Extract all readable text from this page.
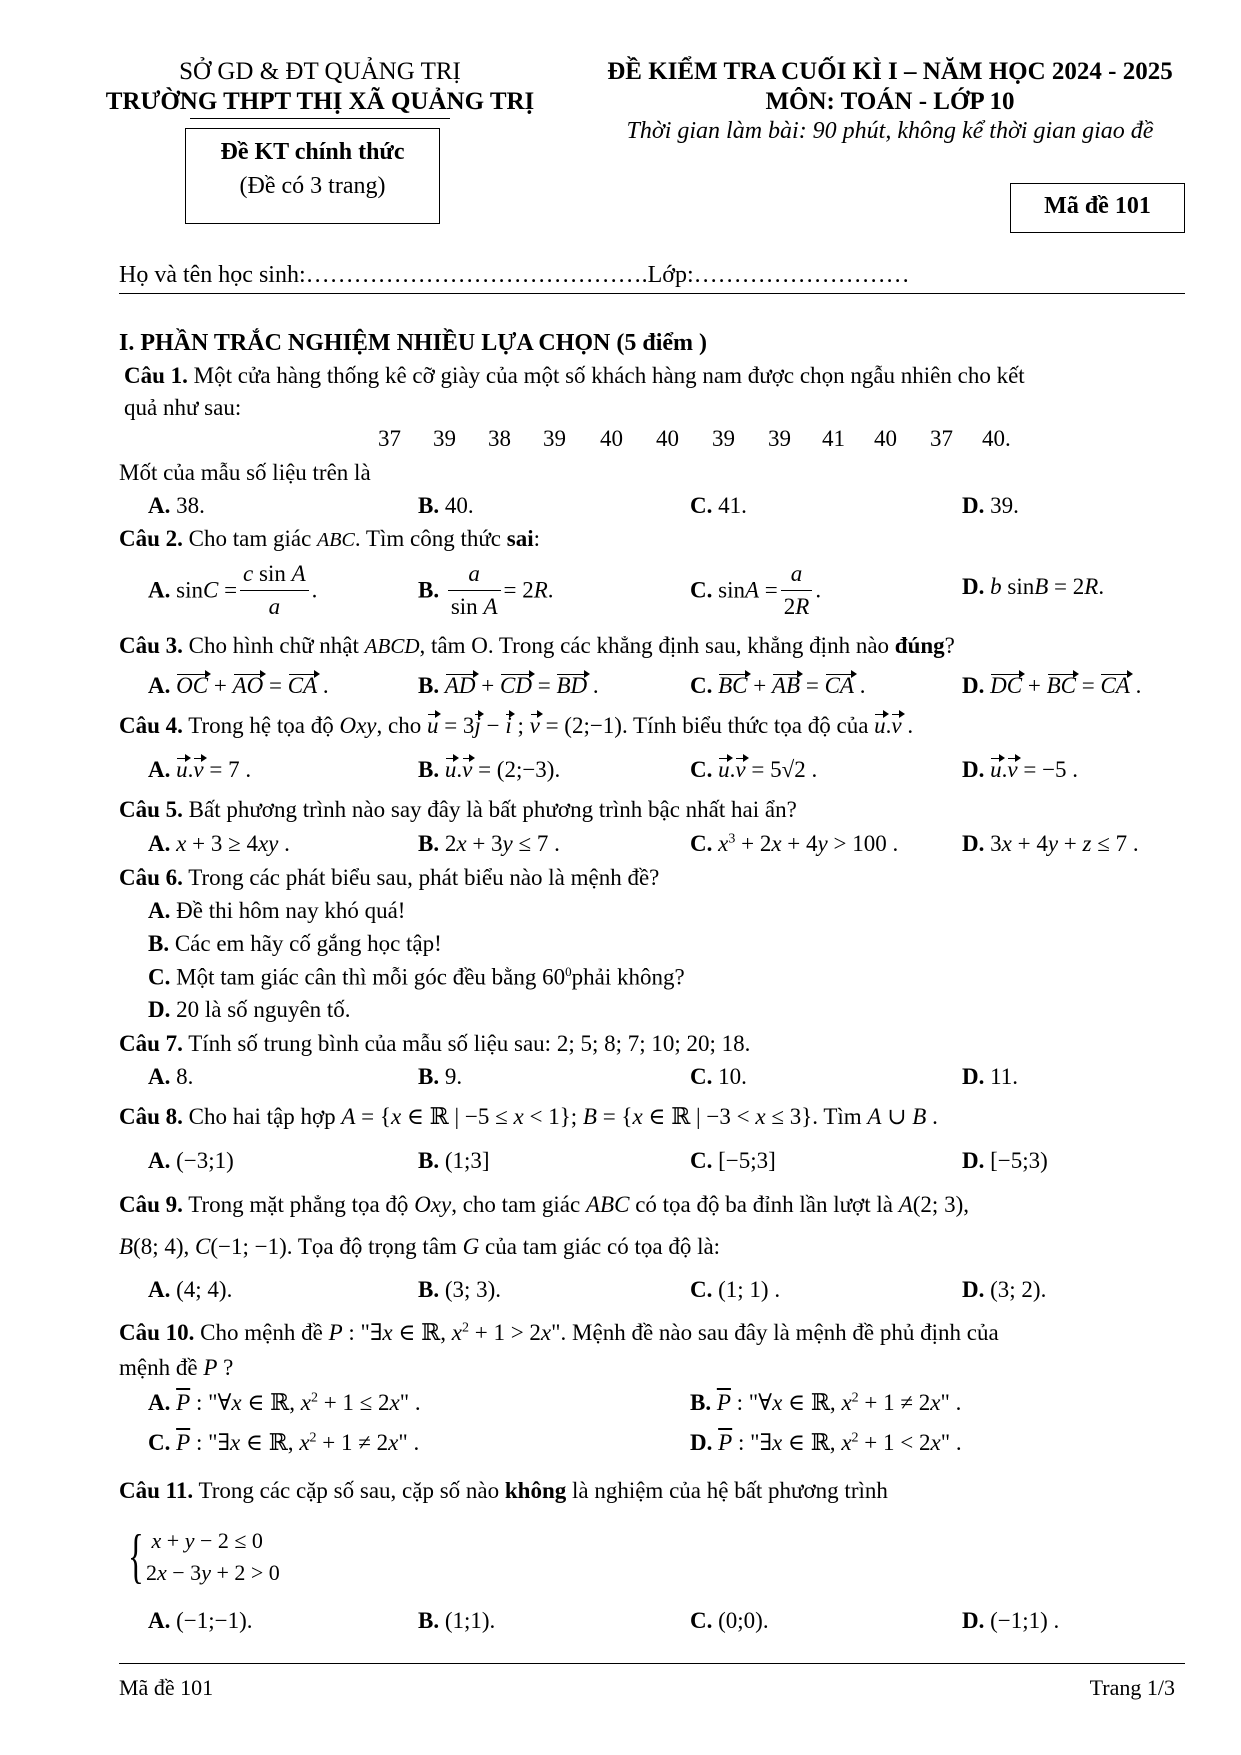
SỞ GD & ĐT QUẢNG TRỊ
TRƯỜNG THPT THỊ XÃ QUẢNG TRỊ
Đề KT chính thức
(Đề có 3 trang)
ĐỀ KIỂM TRA CUỐI KÌ I – NĂM HỌC 2024 - 2025
MÔN: TOÁN - LỚP 10
Thời gian làm bài: 90 phút, không kể thời gian giao đề
Mã đề 101
Họ và tên học sinh:…………………………………….Lớp:………………………
I. PHẦN TRẮC NGHIỆM NHIỀU LỰA CHỌN (5 điểm )
Câu 1. Một cửa hàng thống kê cỡ giày của một số khách hàng nam được chọn ngẫu nhiên cho kết
quả như sau:
37 39 38 39 40 40 39 39 41 40 37 40.
Mốt của mẫu số liệu trên là
A. 38.	B. 40.	C. 41.	D. 39.
Câu 2. Cho tam giác ABC. Tìm công thức sai:
A. $\sin C = \frac{\text{c sin A}}{a}$ .	B. $\frac{a}{\text{sin A}} = 2R$.	C. $\sin A = \frac{a}{2R}$ .	D. b sinB = 2R.
Câu 3. Cho hình chữ nhật ABCD, tâm O. Trong các khẳng định sau, khẳng định nào đúng?
A. OC + AO = CA .	B. AD + CD = BD .	C. BC + AB = CA .	D. DC + BC = CA .
Câu 4. Trong hệ tọa độ Oxy, cho u = 3j − i ; v = (2;−1). Tính biểu thức tọa độ của u.v .
A. u.v = 7 .	B. u.v = (2;−3).	C. u.v = 5√2 .	D. u.v = −5 .
Câu 5. Bất phương trình nào say đây là bất phương trình bậc nhất hai ẩn?
A. x + 3 ≥ 4xy .	B. 2x + 3y ≤ 7 .	C. $x^3 + 2x + 4y > 100$ .	D. 3x + 4y + z ≤ 7 .
Câu 6. Trong các phát biểu sau, phát biểu nào là mệnh đề?
A. Đề thi hôm nay khó quá!
B. Các em hãy cố gắng học tập!
C. Một tam giác cân thì mỗi góc đều bằng $60^0phải$ không?
D. 20 là số nguyên tố.
Câu 7. Tính số trung bình của mẫu số liệu sau: 2; 5; 8; 7; 10; 20; 18.
A. 8.	B. 9.	C. 10.	D. 11.
Câu 8. Cho hai tập hợp A = {x ∈ ℝ | −5 ≤ x < 1}; B = {x ∈ ℝ | −3 < x ≤ 3}. Tìm A ∪ B .
A. (−3;1)	B. (1;3]	C. [−5;3]	D. [−5;3)
Câu 9. Trong mặt phẳng tọa độ Oxy, cho tam giác ABC có tọa độ ba đỉnh lần lượt là A(2; 3),
B(8; 4), C(−1; −1). Tọa độ trọng tâm G của tam giác có tọa độ là:
A. (4; 4).	B. (3; 3).	C. (1; 1) .	D. (3; 2).
Câu 10. Cho mệnh đề P : "∃x ∈ ℝ, $x^2 + 1 > 2x$". Mệnh đề nào sau đây là mệnh đề phủ định của
mệnh đề P ?
A. $\overline{P}$ : "∀x ∈ ℝ, $x^2 + 1 \le 2x$" .	B. $\overline{P}$ : "∀x ∈ ℝ, $x^2 + 1 \ne 2x$" .
C. $\overline{P}$ : "∃x ∈ ℝ, $x^2 + 1 \ne 2x$" .	D. $\overline{P}$ : "∃x ∈ ℝ, $x^2 + 1 < 2x$" .
Câu 11. Trong các cặp số sau, cặp số nào không là nghiệm của hệ bất phương trình
{ x + y − 2 ≤ 0
2x − 3y + 2 > 0
A. (−1;−1).	B. (1;1).	C. (0;0).	D. (−1;1) .
Mã đề 101	Trang 1/3
